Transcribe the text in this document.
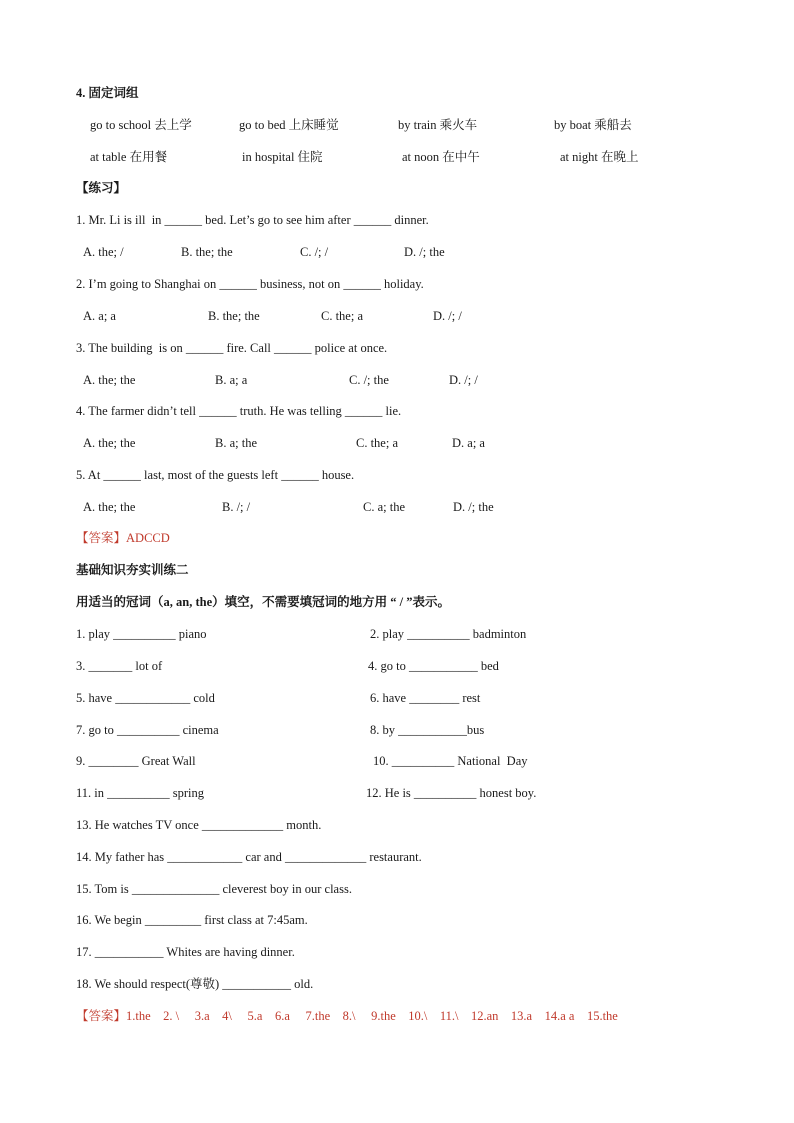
4. 固定词组
go to school 去上学	go to bed 上床睡觉	by train 乘火车	by boat 乘船去
at table 在用餐	in hospital 住院	at noon 在中午	at night 在晚上
【练习】
1. Mr. Li is ill  in ______ bed. Let’s go to see him after ______ dinner.
A. the; /	B. the; the	C. /; /	D. /; the
2. I’m going to Shanghai on ______ business, not on ______ holiday.
A. a; a	B. the; the	C. the; a	D. /; /
3. The building  is on ______ fire. Call ______ police at once.
A. the; the	B. a; a	C. /; the	D. /; /
4. The farmer didn’t tell ______ truth. He was telling ______ lie.
A. the; the	B. a; the	C. the; a	D. a; a
5. At ______ last, most of the guests left ______ house.
A. the; the	B. /; /	C. a; the	D. /; the
【答案】ADCCD
基础知识夯实训练二
用适当的冠词（a, an, the）填空，不需要填冠词的地方用 “ / ”表示。
1. play __________ piano	2. play __________ badminton
3. _______ lot of	4. go to ___________ bed
5. have ____________ cold	6. have ________ rest
7. go to __________ cinema	8. by ___________bus
9. ________ Great Wall	10. __________ National  Day
11. in __________ spring	12. He is __________ honest boy.
13. He watches TV once _____________ month.
14. My father has ____________ car and _____________ restaurant.
15. Tom is ______________ cleverest boy in our class.
16. We begin _________ first class at 7:45am.
17. ___________ Whites are having dinner.
18. We should respect(尊敬) ___________ old.
【答案】1.the    2. \     3.a    4\     5.a    6.a     7.the    8.\     9.the    10.\    11.\    12.an    13.a    14.a a    15.the
